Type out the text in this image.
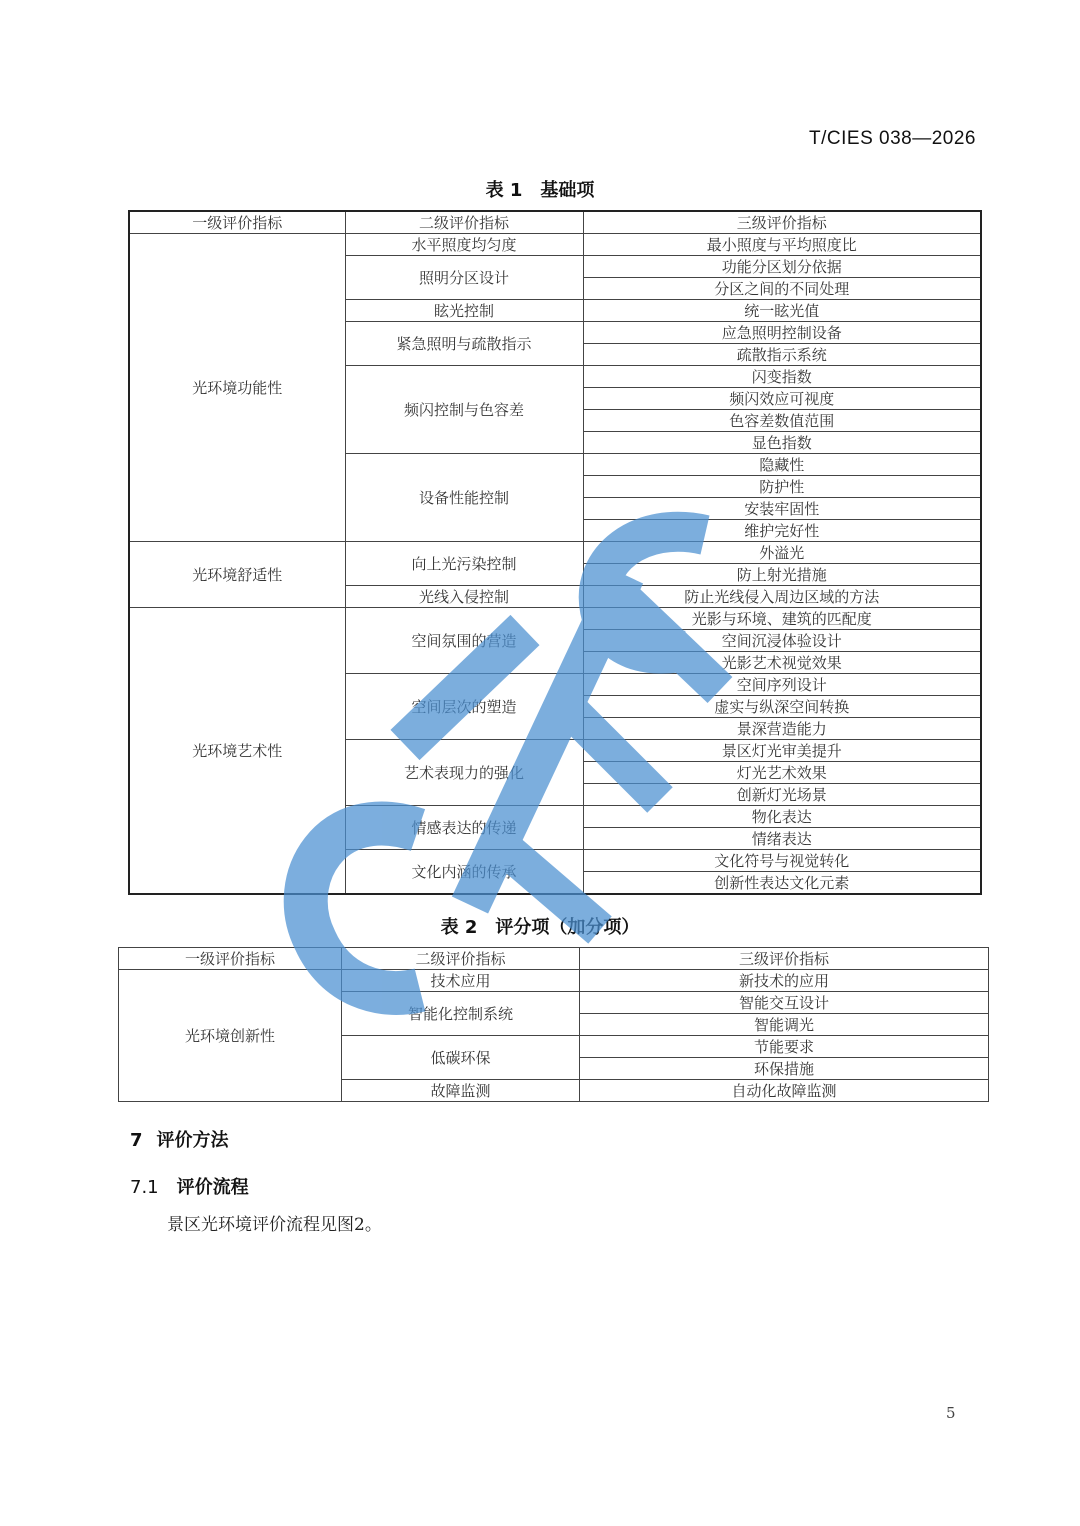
T/CIES 038—2026
表 1　基础项
一级评价指标	二级评价指标	三级评价指标
光环境功能性	水平照度均匀度	最小照度与平均照度比
	照明分区设计	功能分区划分依据
		分区之间的不同处理
	眩光控制	统一眩光值
	紧急照明与疏散指示	应急照明控制设备
		疏散指示系统
	频闪控制与色容差	闪变指数
		频闪效应可视度
		色容差数值范围
		显色指数
	设备性能控制	隐藏性
		防护性
		安装牢固性
		维护完好性
光环境舒适性	向上光污染控制	外溢光
		防上射光措施
	光线入侵控制	防止光线侵入周边区域的方法
光环境艺术性	空间氛围的营造	光影与环境、建筑的匹配度
		空间沉浸体验设计
		光影艺术视觉效果
	空间层次的塑造	空间序列设计
		虚实与纵深空间转换
		景深营造能力
	艺术表现力的强化	景区灯光审美提升
		灯光艺术效果
		创新灯光场景
	情感表达的传递	物化表达
		情绪表达
	文化内涵的传承	文化符号与视觉转化
		创新性表达文化元素
表 2　评分项（加分项）
一级评价指标	二级评价指标	三级评价指标
光环境创新性	技术应用	新技术的应用
	智能化控制系统	智能交互设计
		智能调光
	低碳环保	节能要求
		环保措施
	故障监测	自动化故障监测
7 评价方法
7.1 评价流程
景区光环境评价流程见图2。
5
